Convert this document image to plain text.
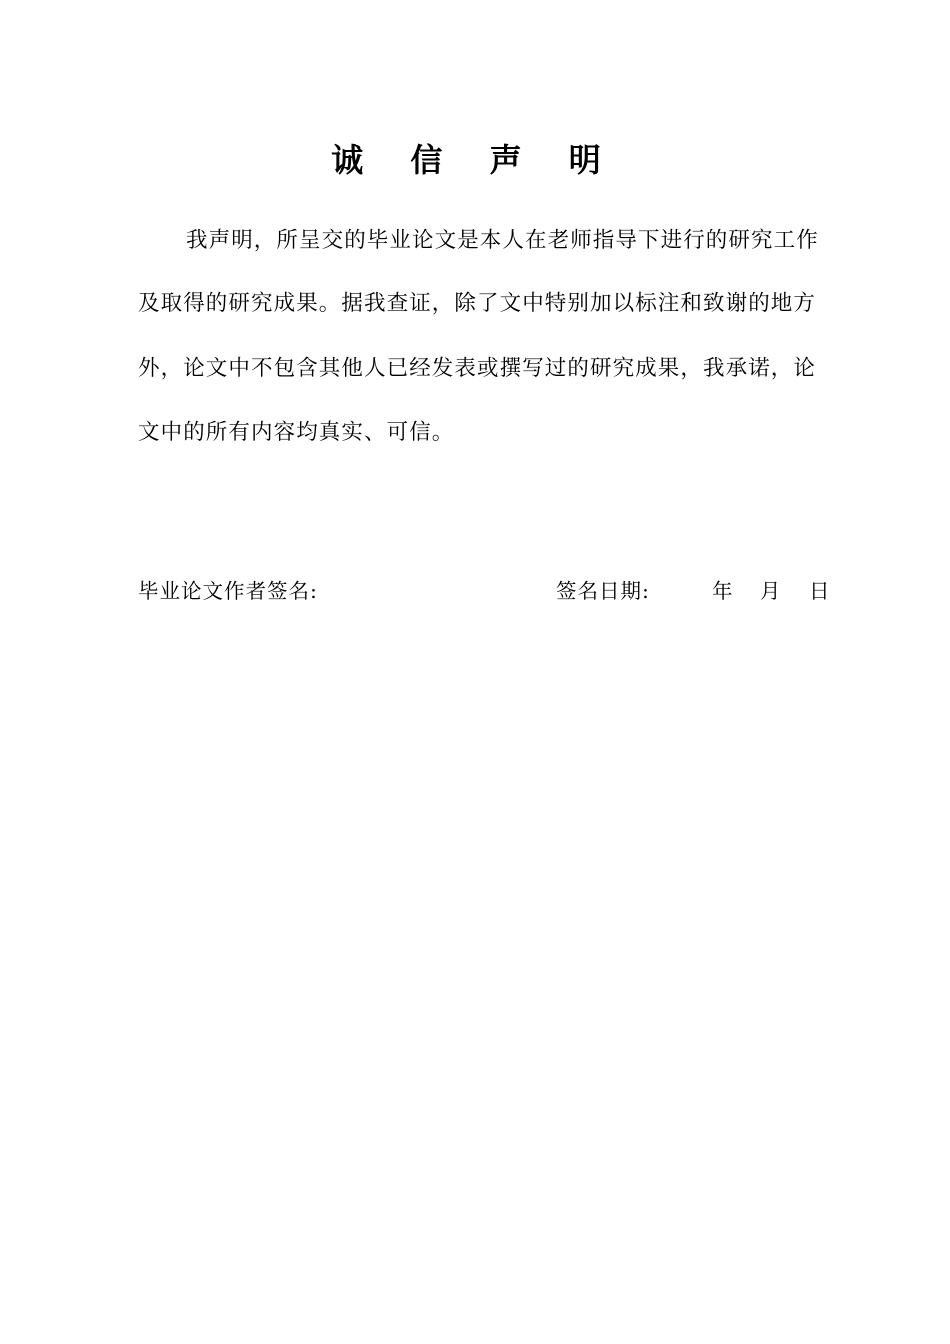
诚 信 声 明
我声明，所呈交的毕业论文是本人在老师指导下进行的研究工作
及取得的研究成果。据我查证，除了文中特别加以标注和致谢的地方
外，论文中不包含其他人已经发表或撰写过的研究成果，我承诺，论
文中的所有内容均真实、可信。
毕业论文作者签名:	签名日期:	年 月 日
